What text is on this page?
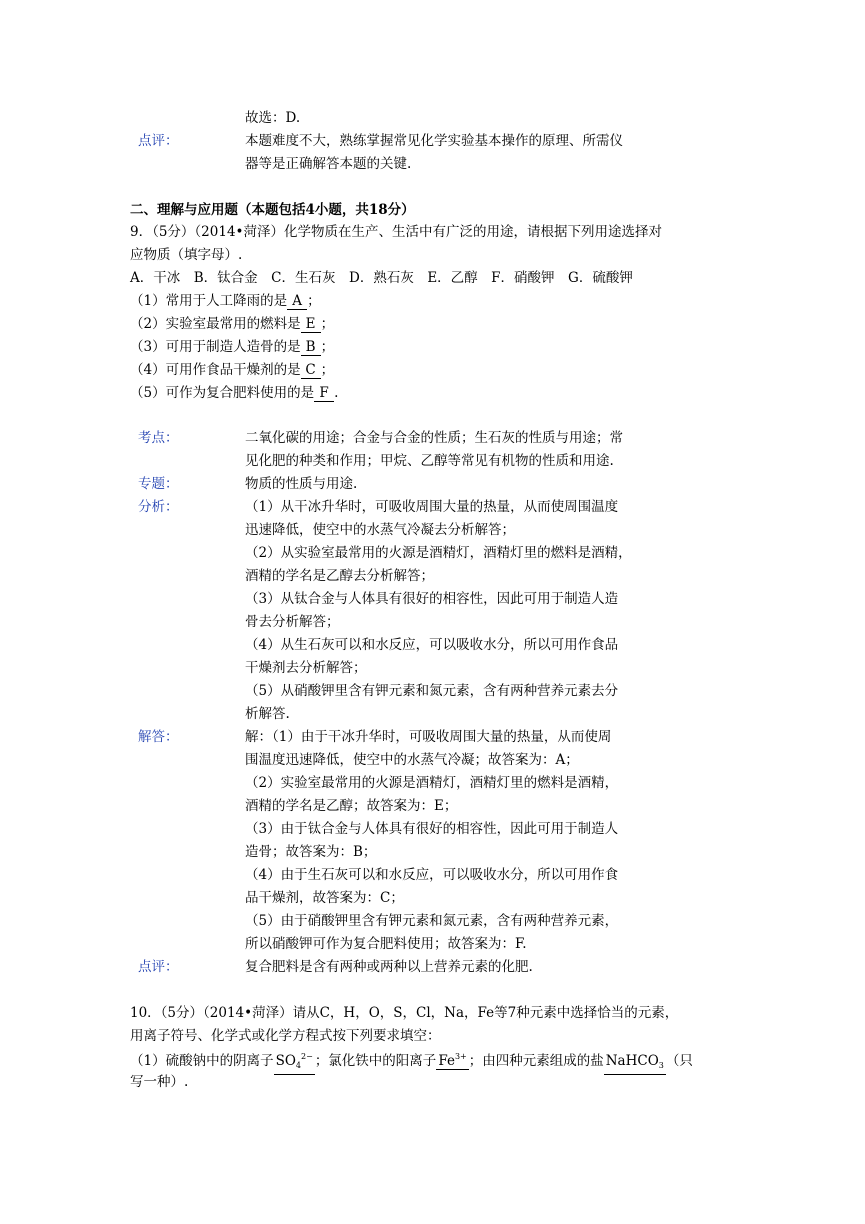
故选：D.
点评：	本题难度不大，熟练掌握常见化学实验基本操作的原理、所需仪
器等是正确解答本题的关键.
二、理解与应用题（本题包括4小题，共18分）
9．（5分）（2014•菏泽）化学物质在生产、生活中有广泛的用途，请根据下列用途选择对
应物质（填字母）.
A．干冰　B．钛合金　C．生石灰　D．熟石灰　E．乙醇　F．硝酸钾　G．硫酸钾
（1）常用于人工降雨的是 A ；
（2）实验室最常用的燃料是 E ；
（3）可用于制造人造骨的是 B ；
（4）可用作食品干燥剂的是 C ；
（5）可作为复合肥料使用的是 F .
考点：	二氧化碳的用途；合金与合金的性质；生石灰的性质与用途；常
见化肥的种类和作用；甲烷、乙醇等常见有机物的性质和用途.
专题：	物质的性质与用途.
分析：	（1）从干冰升华时，可吸收周围大量的热量，从而使周围温度
迅速降低，使空中的水蒸气冷凝去分析解答；
（2）从实验室最常用的火源是酒精灯，酒精灯里的燃料是酒精，
酒精的学名是乙醇去分析解答；
（3）从钛合金与人体具有很好的相容性，因此可用于制造人造
骨去分析解答；
（4）从生石灰可以和水反应，可以吸收水分，所以可用作食品
干燥剂去分析解答；
（5）从硝酸钾里含有钾元素和氮元素，含有两种营养元素去分
析解答.
解答：	解：（1）由于干冰升华时，可吸收周围大量的热量，从而使周
围温度迅速降低，使空中的水蒸气冷凝；故答案为：A；
（2）实验室最常用的火源是酒精灯，酒精灯里的燃料是酒精，
酒精的学名是乙醇；故答案为：E；
（3）由于钛合金与人体具有很好的相容性，因此可用于制造人
造骨；故答案为：B；
（4）由于生石灰可以和水反应，可以吸收水分，所以可用作食
品干燥剂，故答案为：C；
（5）由于硝酸钾里含有钾元素和氮元素，含有两种营养元素，
所以硝酸钾可作为复合肥料使用；故答案为：F.
点评：	复合肥料是含有两种或两种以上营养元素的化肥.
10．（5分）（2014•菏泽）请从C，H，O，S，Cl，Na，Fe等7种元素中选择恰当的元素，
用离子符号、化学式或化学方程式按下列要求填空：
（1）硫酸钠中的阴离子 $SO_4^{2-}$ ；氯化铁中的阳离子 $Fe^{3+}$ ；由四种元素组成的盐 NaHCO$_3$ （只
写一种）.
